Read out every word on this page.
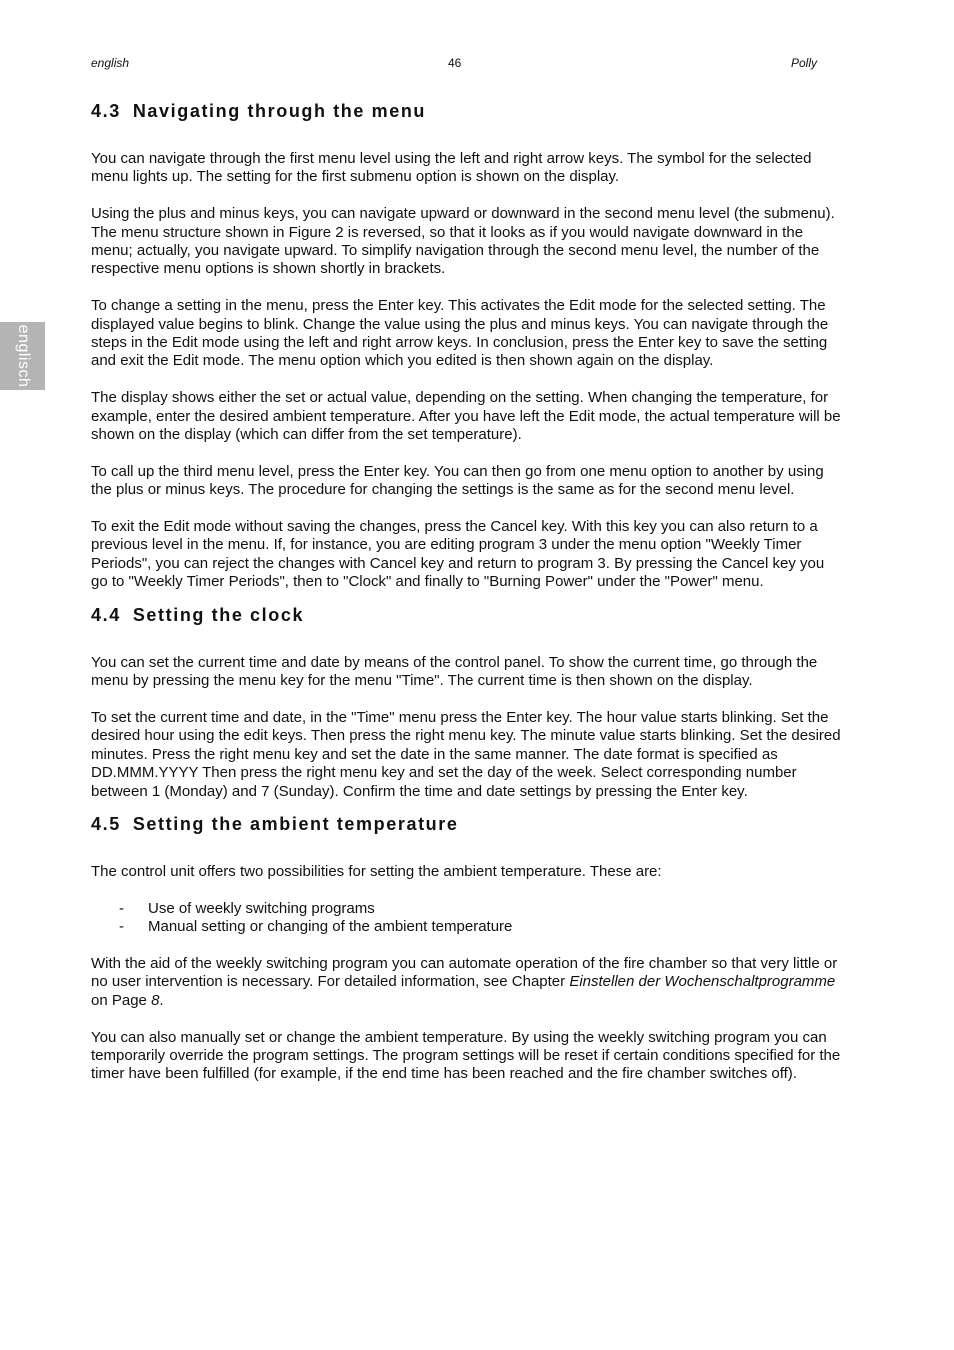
english	46	Polly
englisch
4.3 Navigating through the menu

You can navigate through the first menu level using the left and right arrow keys. The symbol for the selected menu lights up. The setting for the first submenu option is shown on the display.

Using the plus and minus keys, you can navigate upward or downward in the second menu level (the submenu). The menu structure shown in Figure 2 is reversed, so that it looks as if you would navigate downward in the menu; actually, you navigate upward. To simplify navigation through the second menu level, the number of the respective menu options is shown shortly in brackets.

To change a setting in the menu, press the Enter key. This activates the Edit mode for the selected setting. The displayed value begins to blink. Change the value using the plus and minus keys. You can navigate through the steps in the Edit mode using the left and right arrow keys. In conclusion, press the Enter key to save the setting and exit the Edit mode. The menu option which you edited is then shown again on the display.

The display shows either the set or actual value, depending on the setting. When changing the temperature, for example, enter the desired ambient temperature. After you have left the Edit mode, the actual temperature will be shown on the display (which can differ from the set temperature).

To call up the third menu level, press the Enter key. You can then go from one menu option to another by using the plus or minus keys. The procedure for changing the settings is the same as for the second menu level.

To exit the Edit mode without saving the changes, press the Cancel key. With this key you can also return to a previous level in the menu. If, for instance, you are editing program 3 under the menu option "Weekly Timer Periods", you can reject the changes with Cancel key and return to program 3. By pressing the Cancel key you go to "Weekly Timer Periods", then to "Clock" and finally to "Burning Power" under the "Power" menu.

4.4 Setting the clock

You can set the current time and date by means of the control panel. To show the current time, go through the menu by pressing the menu key for the menu "Time". The current time is then shown on the display.

To set the current time and date, in the "Time" menu press the Enter key. The hour value starts blinking. Set the desired hour using the edit keys. Then press the right menu key. The minute value starts blinking. Set the desired minutes. Press the right menu key and set the date in the same manner. The date format is specified as DD.MMM.YYYY Then press the right menu key and set the day of the week. Select corresponding number between 1 (Monday) and 7 (Sunday). Confirm the time and date settings by pressing the Enter key.

4.5 Setting the ambient temperature

The control unit offers two possibilities for setting the ambient temperature. These are:

- Use of weekly switching programs
- Manual setting or changing of the ambient temperature

With the aid of the weekly switching program you can automate operation of the fire chamber so that very little or no user intervention is necessary. For detailed information, see Chapter Einstellen der Wochenschaltprogramme on Page 8.

You can also manually set or change the ambient temperature. By using the weekly switching program you can temporarily override the program settings. The program settings will be reset if certain conditions specified for the timer have been fulfilled (for example, if the end time has been reached and the fire chamber switches off).
